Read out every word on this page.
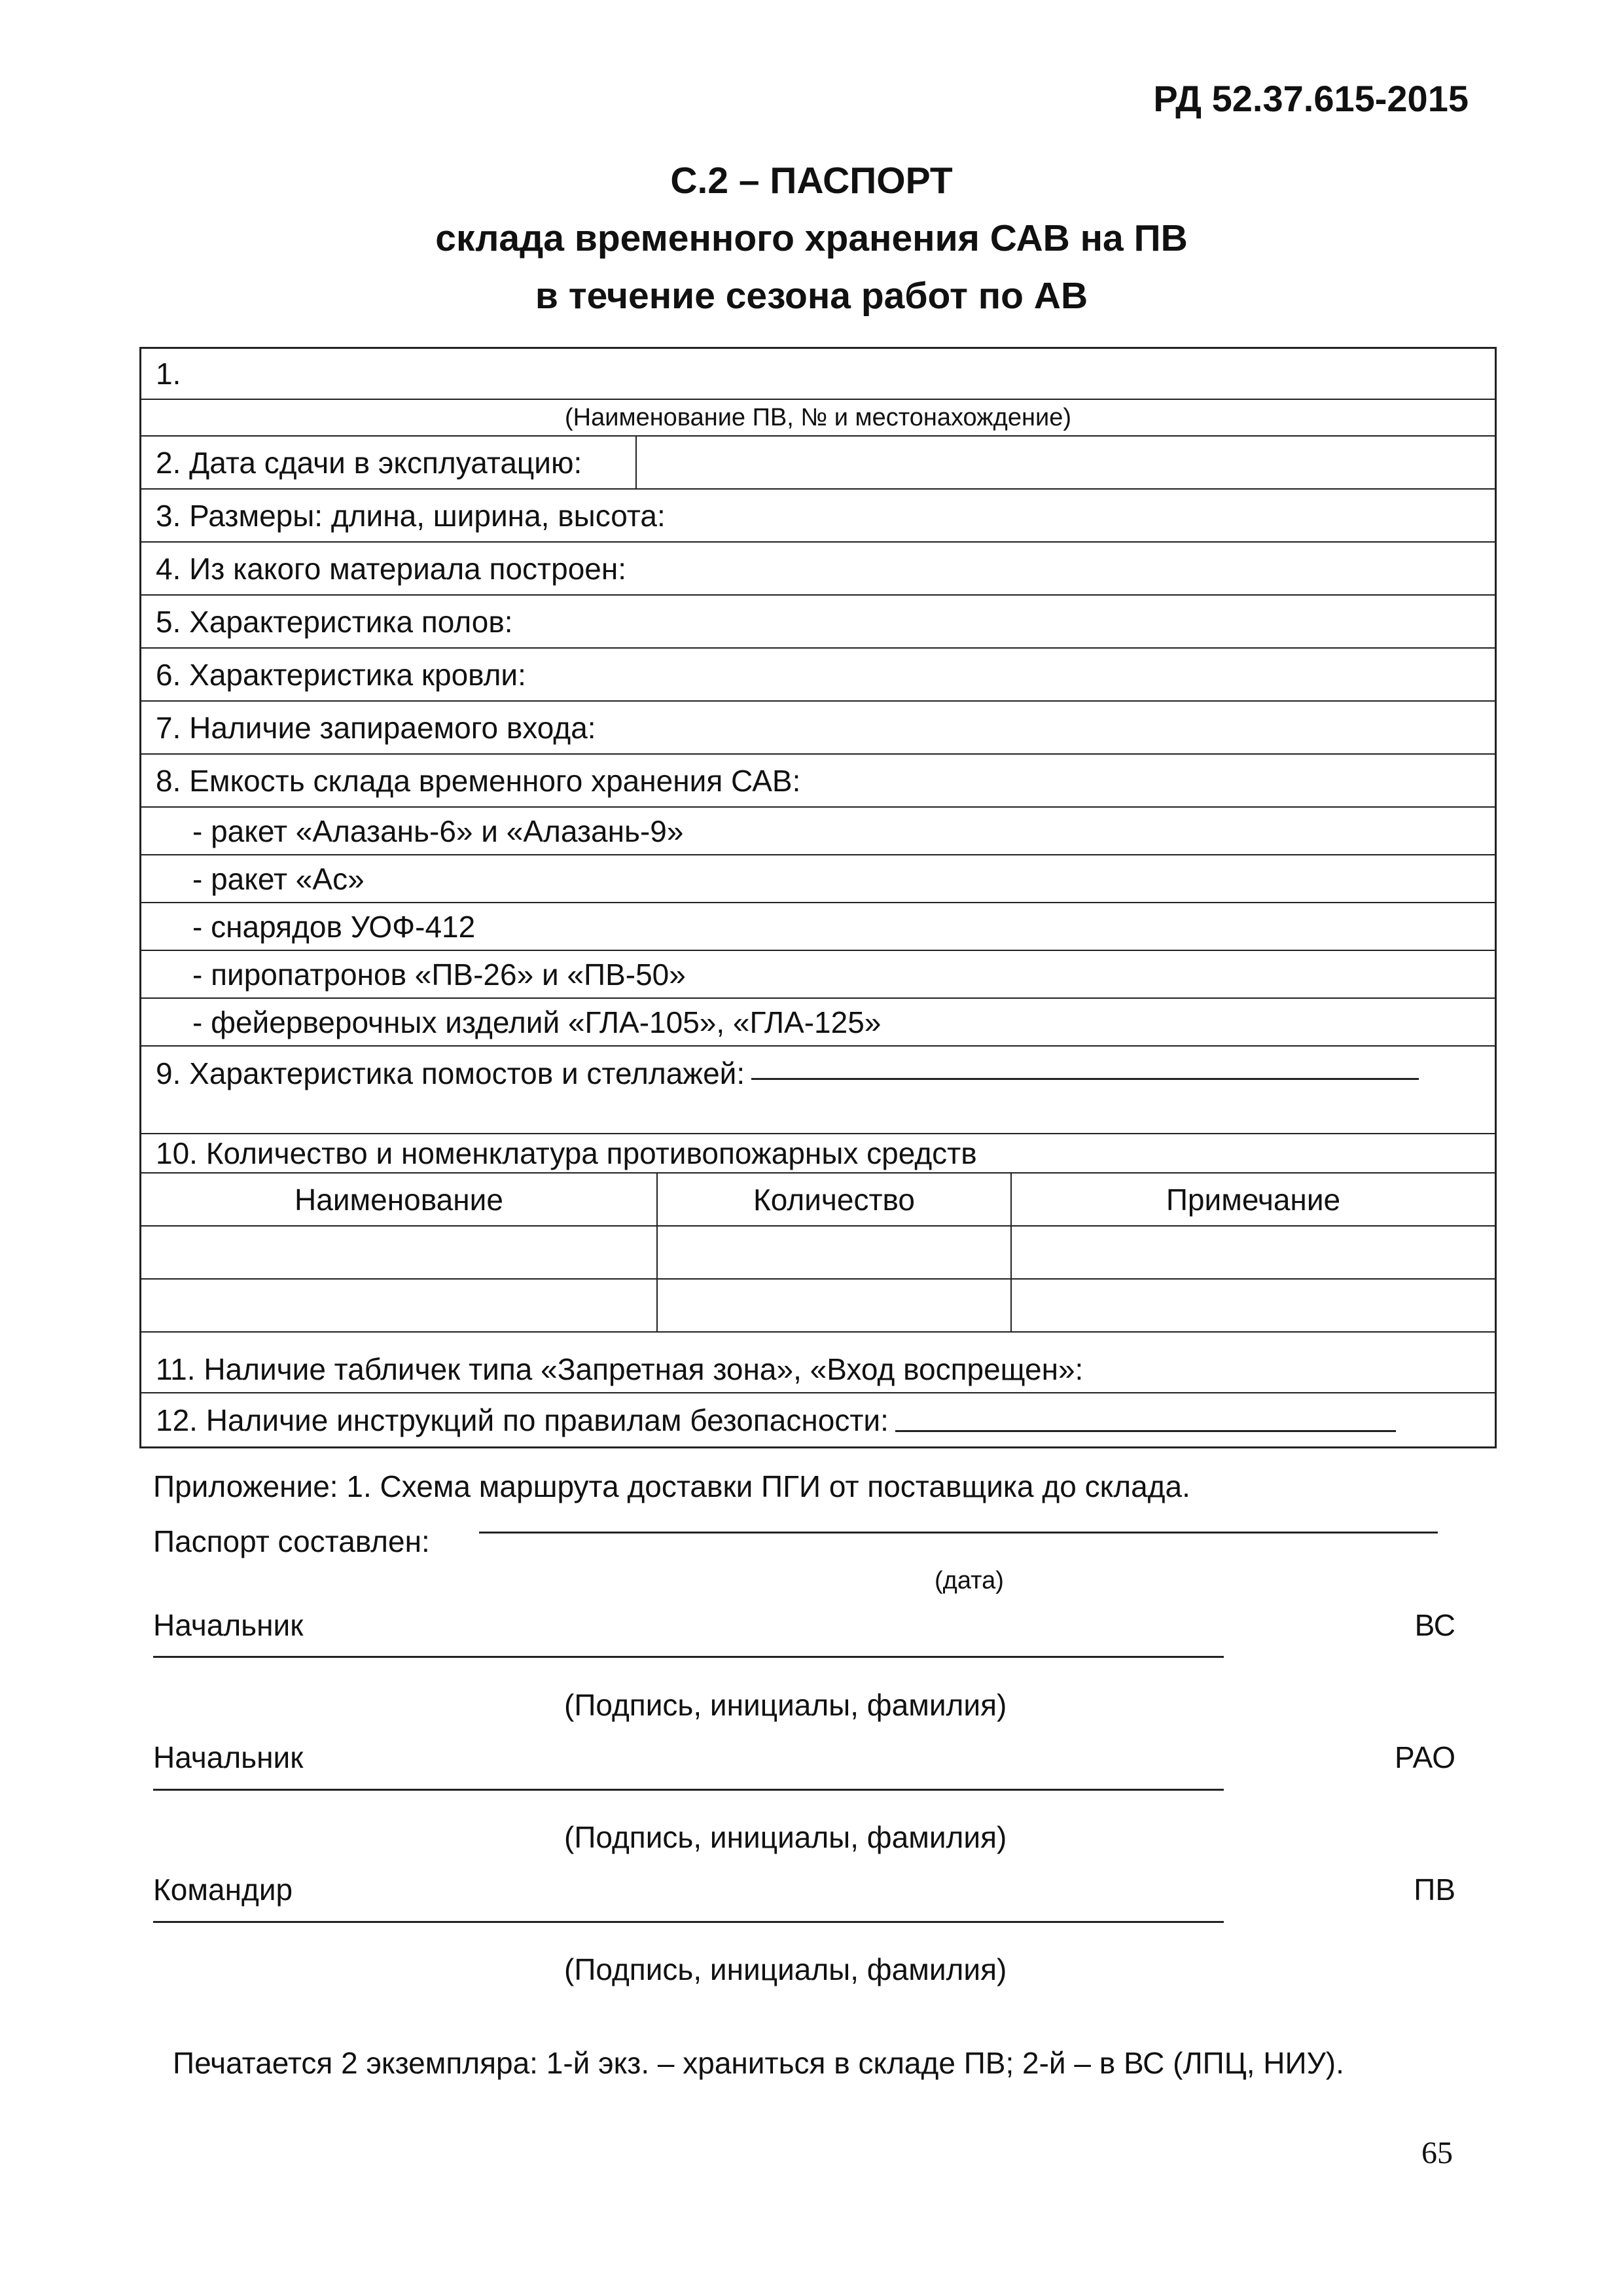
РД 52.37.615-2015
С.2 – ПАСПОРТ
склада временного хранения САВ на ПВ
в течение сезона работ по АВ
1.
(Наименование ПВ, № и местонахождение)
2. Дата сдачи в эксплуатацию:
3. Размеры: длина, ширина, высота:
4. Из какого материала построен:
5. Характеристика полов:
6. Характеристика кровли:
7. Наличие запираемого входа:
8. Емкость склада временного хранения САВ:
- ракет «Алазань-6» и «Алазань-9»
- ракет «Ас»
- снарядов УОФ-412
- пиропатронов «ПВ-26» и «ПВ-50»
- фейерверочных изделий «ГЛА-105», «ГЛА-125»
9. Характеристика помостов и стеллажей:
10. Количество и номенклатура противопожарных средств
Наименование	Количество	Примечание
11. Наличие табличек типа «Запретная зона», «Вход воспрещен»:
12. Наличие инструкций по правилам безопасности:
Приложение: 1. Схема маршрута доставки ПГИ от поставщика до склада.
Паспорт составлен:
(дата)
Начальник	ВС
(Подпись, инициалы, фамилия)
Начальник	РАО
(Подпись, инициалы, фамилия)
Командир	ПВ
(Подпись, инициалы, фамилия)
Печатается 2 экземпляра: 1-й экз. – храниться в складе ПВ; 2-й – в ВС (ЛПЦ, НИУ).
65
